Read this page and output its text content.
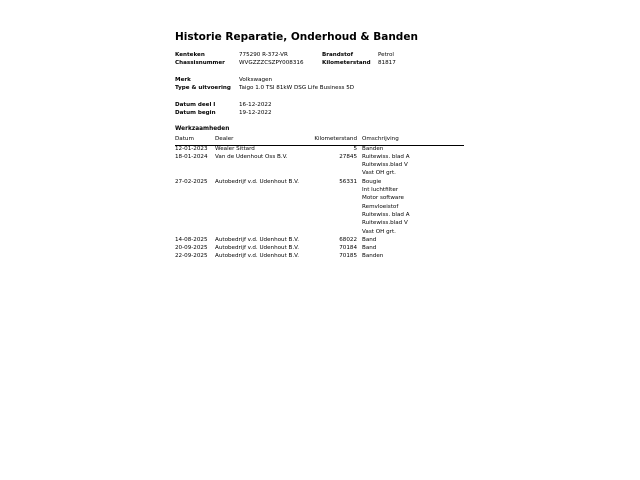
Historie Reparatie, Onderhoud & Banden
Kenteken	775290 R-372-VR	Brandstof	Petrol
Chassisnummer	WVGZZZCSZPY008316	Kilometerstand 81817
Merk	Volkswagen
Type & uitvoering Taigo 1.0 TSI 81kW DSG Life Business 5D
Datum deel I	16-12-2022
Datum begin	19-12-2022
Werkzaamheden
Datum	Dealer	Kilometerstand Omschrijving
12-01-2023 Wealer Sittard	5 Banden
18-01-2024 Van de Udenhout Oss B.V.	27845 Ruitewiss. blad A
Ruitewiss.blad V
Vast OH grt.
27-02-2025 Autobedrijf v.d. Udenhout B.V.	56331 Bougie
Int luchtfilter
Motor software
Remvloeistof
Ruitewiss. blad A
Ruitewiss.blad V
Vast OH grt.
14-08-2025 Autobedrijf v.d. Udenhout B.V.	68022 Band
20-09-2025 Autobedrijf v.d. Udenhout B.V.	70184 Band
22-09-2025 Autobedrijf v.d. Udenhout B.V.	70185 Banden
